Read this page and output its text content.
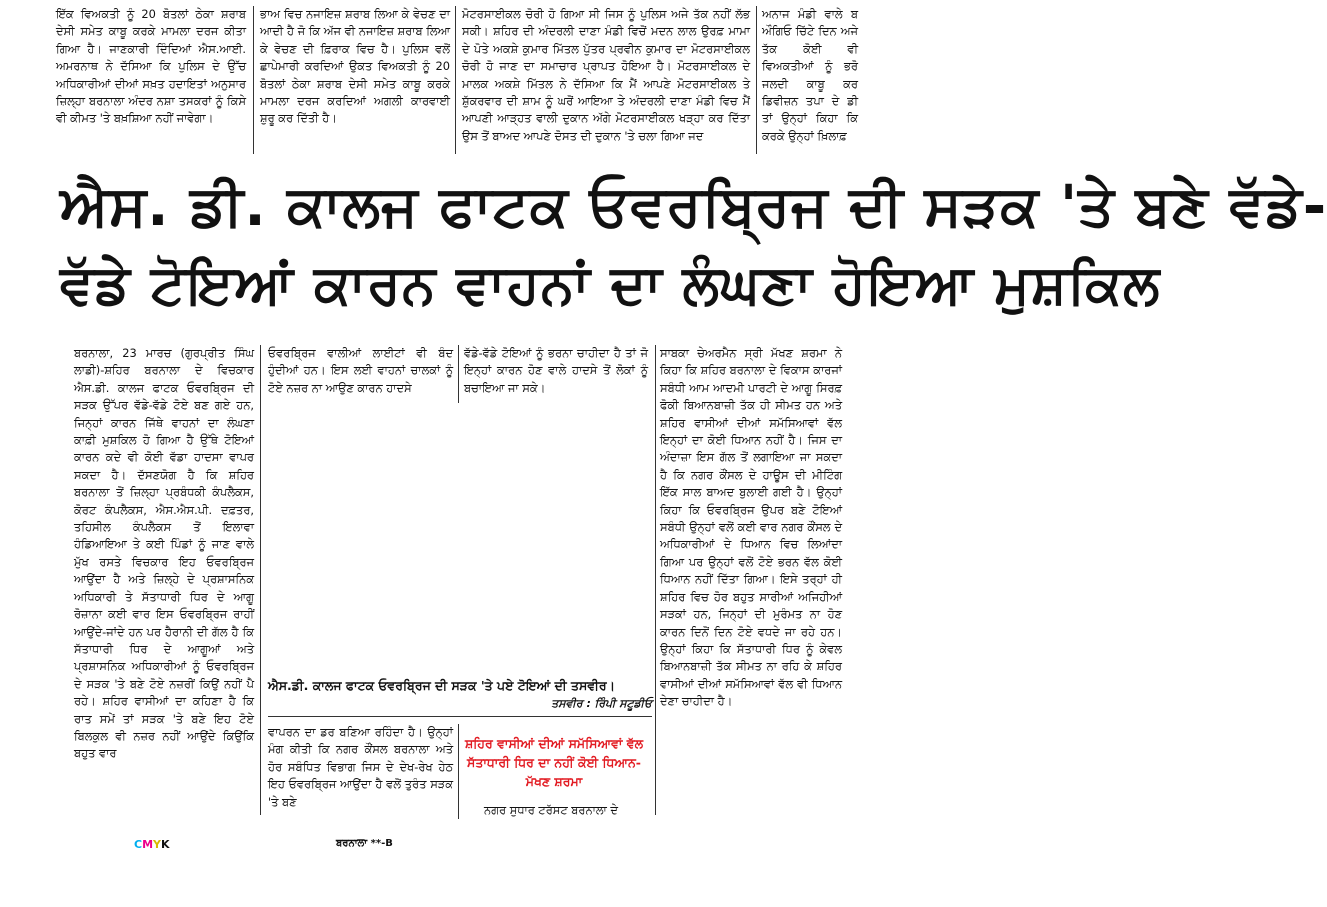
ਇੱਕ ਵਿਅਕਤੀ ਨੂੰ 20 ਬੋਤਲਾਂ ਠੇਕਾ ਸ਼ਰਾਬ ਦੇਸੀ ਸਮੇਤ ਕਾਬੂ ਕਰਕੇ ਮਾਮਲਾ ਦਰਜ ਕੀਤਾ ਗਿਆ ਹੈ। ਜਾਣਕਾਰੀ ਦਿੰਦਿਆਂ ਐਸ.ਆਈ. ਅਮਰਨਾਥ ਨੇ ਦੱਸਿਆ ਕਿ ਪੁਲਿਸ ਦੇ ਉੱਚ ਅਧਿਕਾਰੀਆਂ ਦੀਆਂ ਸਖ਼ਤ ਹਦਾਇਤਾਂ ਅਨੁਸਾਰ ਜ਼ਿਲ੍ਹਾ ਬਰਨਾਲਾ ਅੰਦਰ ਨਸ਼ਾ ਤਸਕਰਾਂ ਨੂੰ ਕਿਸੇ ਵੀ ਕੀਮਤ 'ਤੇ ਬਖ਼ਸ਼ਿਆ ਨਹੀਂ ਜਾਵੇਗਾ।

ਭਾਅ ਵਿਚ ਨਜਾਇਜ਼ ਸ਼ਰਾਬ ਲਿਆ ਕੇ ਵੇਚਣ ਦਾ ਆਦੀ ਹੈ ਜੋ ਕਿ ਅੱਜ ਵੀ ਨਜਾਇਜ਼ ਸ਼ਰਾਬ ਲਿਆ ਕੇ ਵੇਚਣ ਦੀ ਫ਼ਿਰਾਕ ਵਿਚ ਹੈ। ਪੁਲਿਸ ਵਲੋਂ ਛਾਪੇਮਾਰੀ ਕਰਦਿਆਂ ਉਕਤ ਵਿਅਕਤੀ ਨੂੰ 20 ਬੋਤਲਾਂ ਠੇਕਾ ਸ਼ਰਾਬ ਦੇਸੀ ਸਮੇਤ ਕਾਬੂ ਕਰਕੇ ਮਾਮਲਾ ਦਰਜ ਕਰਦਿਆਂ ਅਗਲੀ ਕਾਰਵਾਈ ਸ਼ੁਰੂ ਕਰ ਦਿੱਤੀ ਹੈ।

ਮੋਟਰਸਾਈਕਲ ਚੋਰੀ ਹੋ ਗਿਆ ਸੀ ਜਿਸ ਨੂੰ ਪੁਲਿਸ ਅਜੇ ਤੱਕ ਨਹੀਂ ਲੱਭ ਸਕੀ। ਸ਼ਹਿਰ ਦੀ ਅੰਦਰਲੀ ਦਾਣਾ ਮੰਡੀ ਵਿਚੋਂ ਮਦਨ ਲਾਲ ਉਰਫ਼ ਮਾਮਾ ਦੇ ਪੋਤੇ ਅਕਸ਼ੇ ਕੁਮਾਰ ਮਿੱਤਲ ਪੁੱਤਰ ਪ੍ਰਵੀਨ ਕੁਮਾਰ ਦਾ ਮੋਟਰਸਾਈਕਲ ਚੋਰੀ ਹੋ ਜਾਣ ਦਾ ਸਮਾਚਾਰ ਪ੍ਰਾਪਤ ਹੋਇਆ ਹੈ। ਮੋਟਰਸਾਈਕਲ ਦੇ ਮਾਲਕ ਅਕਸ਼ੇ ਮਿੱਤਲ ਨੇ ਦੱਸਿਆ ਕਿ ਮੈਂ ਆਪਣੇ ਮੋਟਰਸਾਈਕਲ ਤੇ ਸ਼ੁੱਕਰਵਾਰ ਦੀ ਸ਼ਾਮ ਨੂੰ ਘਰੋਂ ਆਇਆ ਤੇ ਅੰਦਰਲੀ ਦਾਣਾ ਮੰਡੀ ਵਿਚ ਮੈਂ ਆਪਣੀ ਆੜ੍ਹਤ ਵਾਲੀ ਦੁਕਾਨ ਅੱਗੇ ਮੋਟਰਸਾਈਕਲ ਖੜ੍ਹਾ ਕਰ ਦਿੱਤਾ ਉਸ ਤੋਂ ਬਾਅਦ ਆਪਣੇ ਦੋਸਤ ਦੀ ਦੁਕਾਨ 'ਤੇ ਚਲਾ ਗਿਆ ਜਦ

ਅਨਾਜ ਮੰਡੀ ਵਾਲੇ ਬ ਔਗਿਓ ਚਿੱਟੇ ਦਿਨ ਅਜੇ ਤੱਕ ਕੋਈ ਵੀ ਵਿਅਕਤੀਆਂ ਨੂੰ ਭਰੋ ਜਲਦੀ ਕਾਬੂ ਕਰ ਡਿਵੀਜ਼ਨ ਤਪਾ ਦੇ ਡੀ ਤਾਂ ਉਨ੍ਹਾਂ ਕਿਹਾ ਕਿ ਕਰਕੇ ਉਨ੍ਹਾਂ ਖ਼ਿਲਾਫ਼

ਐਸ. ਡੀ. ਕਾਲਜ ਫਾਟਕ ਓਵਰਬ੍ਰਿਜ ਦੀ ਸੜਕ 'ਤੇ ਬਣੇ ਵੱਡੇ-
ਵੱਡੇ ਟੋਇਆਂ ਕਾਰਨ ਵਾਹਨਾਂ ਦਾ ਲੰਘਣਾ ਹੋਇਆ ਮੁਸ਼ਕਿਲ

ਬਰਨਾਲਾ, 23 ਮਾਰਚ (ਗੁਰਪ੍ਰੀਤ ਸਿੰਘ ਲਾਡੀ)-ਸ਼ਹਿਰ ਬਰਨਾਲਾ ਦੇ ਵਿਚਕਾਰ ਐਸ.ਡੀ. ਕਾਲਜ ਫਾਟਕ ਓਵਰਬ੍ਰਿਜ ਦੀ ਸੜਕ ਉੱਪਰ ਵੱਡੇ-ਵੱਡੇ ਟੋਏ ਬਣ ਗਏ ਹਨ, ਜਿਨ੍ਹਾਂ ਕਾਰਨ ਜਿੱਥੇ ਵਾਹਨਾਂ ਦਾ ਲੰਘਣਾ ਕਾਫ਼ੀ ਮੁਸ਼ਕਿਲ ਹੋ ਗਿਆ ਹੈ ਉੱਥੇ ਟੋਇਆਂ ਕਾਰਨ ਕਦੇ ਵੀ ਕੋਈ ਵੱਡਾ ਹਾਦਸਾ ਵਾਪਰ ਸਕਦਾ ਹੈ। ਦੱਸਣਯੋਗ ਹੈ ਕਿ ਸ਼ਹਿਰ ਬਰਨਾਲਾ ਤੋਂ ਜ਼ਿਲ੍ਹਾ ਪ੍ਰਬੰਧਕੀ ਕੰਪਲੈਕਸ, ਕੋਰਟ ਕੰਪਲੈਕਸ, ਐਸ.ਐਸ.ਪੀ. ਦਫ਼ਤਰ, ਤਹਿਸੀਲ ਕੰਪਲੈਕਸ ਤੋਂ ਇਲਾਵਾ ਹੰਡਿਆਇਆ ਤੇ ਕਈ ਪਿੰਡਾਂ ਨੂੰ ਜਾਣ ਵਾਲੇ ਮੁੱਖ ਰਸਤੇ ਵਿਚਕਾਰ ਇਹ ਓਵਰਬ੍ਰਿਜ ਆਉਂਦਾ ਹੈ ਅਤੇ ਜ਼ਿਲ੍ਹੇ ਦੇ ਪ੍ਰਸ਼ਾਸਨਿਕ ਅਧਿਕਾਰੀ ਤੇ ਸੱਤਾਧਾਰੀ ਧਿਰ ਦੇ ਆਗੂ ਰੋਜ਼ਾਨਾ ਕਈ ਵਾਰ ਇਸ ਓਵਰਬ੍ਰਿਜ ਰਾਹੀਂ ਆਉਂਦੇ-ਜਾਂਦੇ ਹਨ ਪਰ ਹੈਰਾਨੀ ਦੀ ਗੱਲ ਹੈ ਕਿ ਸੱਤਾਧਾਰੀ ਧਿਰ ਦੇ ਆਗੂਆਂ ਅਤੇ ਪ੍ਰਸ਼ਾਸਨਿਕ ਅਧਿਕਾਰੀਆਂ ਨੂੰ ਓਵਰਬ੍ਰਿਜ ਦੇ ਸੜਕ 'ਤੇ ਬਣੇ ਟੋਏ ਨਜ਼ਰੀਂ ਕਿਉਂ ਨਹੀਂ ਪੈ ਰਹੇ। ਸ਼ਹਿਰ ਵਾਸੀਆਂ ਦਾ ਕਹਿਣਾ ਹੈ ਕਿ ਰਾਤ ਸਮੇਂ ਤਾਂ ਸੜਕ 'ਤੇ ਬਣੇ ਇਹ ਟੋਏ ਬਿਲਕੁਲ ਵੀ ਨਜ਼ਰ ਨਹੀਂ ਆਉਂਦੇ ਕਿਉਂਕਿ ਬਹੁਤ ਵਾਰ

ਓਵਰਬ੍ਰਿਜ ਵਾਲੀਆਂ ਲਾਈਟਾਂ ਵੀ ਬੰਦ ਹੁੰਦੀਆਂ ਹਨ। ਇਸ ਲਈ ਵਾਹਨਾਂ ਚਾਲਕਾਂ ਨੂੰ ਟੋਏ ਨਜ਼ਰ ਨਾ ਆਉਣ ਕਾਰਨ ਹਾਦਸੇ

ਵੱਡੇ-ਵੱਡੇ ਟੋਇਆਂ ਨੂੰ ਭਰਨਾ ਚਾਹੀਦਾ ਹੈ ਤਾਂ ਜੋ ਇਨ੍ਹਾਂ ਕਾਰਨ ਹੋਣ ਵਾਲੇ ਹਾਦਸੇ ਤੋਂ ਲੋਕਾਂ ਨੂੰ ਬਚਾਇਆ ਜਾ ਸਕੇ।

ਐਸ.ਡੀ. ਕਾਲਜ ਫਾਟਕ ਓਵਰਬ੍ਰਿਜ ਦੀ ਸੜਕ 'ਤੇ ਪਏ ਟੋਇਆਂ ਦੀ ਤਸਵੀਰ।
ਤਸਵੀਰ : ਰਿੰਪੀ ਸਟੂਡੀਓ

ਵਾਪਰਨ ਦਾ ਡਰ ਬਣਿਆ ਰਹਿੰਦਾ ਹੈ। ਉਨ੍ਹਾਂ ਮੰਗ ਕੀਤੀ ਕਿ ਨਗਰ ਕੌਂਸਲ ਬਰਨਾਲਾ ਅਤੇ ਹੋਰ ਸਬੰਧਿਤ ਵਿਭਾਗ ਜਿਸ ਦੇ ਦੇਖ-ਰੇਖ ਹੇਠ ਇਹ ਓਵਰਬ੍ਰਿਜ ਆਉਂਦਾ ਹੈ ਵਲੋਂ ਤੁਰੰਤ ਸੜਕ 'ਤੇ ਬਣੇ

ਸ਼ਹਿਰ ਵਾਸੀਆਂ ਦੀਆਂ ਸਮੱਸਿਆਵਾਂ ਵੱਲ ਸੱਤਾਧਾਰੀ ਧਿਰ ਦਾ ਨਹੀਂ ਕੋਈ ਧਿਆਨ-ਮੱਖਣ ਸ਼ਰਮਾ

ਨਗਰ ਸੁਧਾਰ ਟਰੱਸਟ ਬਰਨਾਲਾ ਦੇ

ਸਾਬਕਾ ਚੇਅਰਮੈਨ ਸ੍ਰੀ ਮੱਖਣ ਸ਼ਰਮਾ ਨੇ ਕਿਹਾ ਕਿ ਸ਼ਹਿਰ ਬਰਨਾਲਾ ਦੇ ਵਿਕਾਸ ਕਾਰਜਾਂ ਸਬੰਧੀ ਆਮ ਆਦਮੀ ਪਾਰਟੀ ਦੇ ਆਗੂ ਸਿਰਫ਼ ਫੋਕੀ ਬਿਆਨਬਾਜ਼ੀ ਤੱਕ ਹੀ ਸੀਮਤ ਹਨ ਅਤੇ ਸ਼ਹਿਰ ਵਾਸੀਆਂ ਦੀਆਂ ਸਮੱਸਿਆਵਾਂ ਵੱਲ ਇਨ੍ਹਾਂ ਦਾ ਕੋਈ ਧਿਆਨ ਨਹੀਂ ਹੈ। ਜਿਸ ਦਾ ਅੰਦਾਜ਼ਾ ਇਸ ਗੱਲ ਤੋਂ ਲਗਾਇਆ ਜਾ ਸਕਦਾ ਹੈ ਕਿ ਨਗਰ ਕੌਂਸਲ ਦੇ ਹਾਊਸ ਦੀ ਮੀਟਿੰਗ ਇੱਕ ਸਾਲ ਬਾਅਦ ਬੁਲਾਈ ਗਈ ਹੈ। ਉਨ੍ਹਾਂ ਕਿਹਾ ਕਿ ਓਵਰਬ੍ਰਿਜ ਉਪਰ ਬਣੇ ਟੋਇਆਂ ਸਬੰਧੀ ਉਨ੍ਹਾਂ ਵਲੋਂ ਕਈ ਵਾਰ ਨਗਰ ਕੌਂਸਲ ਦੇ ਅਧਿਕਾਰੀਆਂ ਦੇ ਧਿਆਨ ਵਿਚ ਲਿਆਂਦਾ ਗਿਆ ਪਰ ਉਨ੍ਹਾਂ ਵਲੋਂ ਟੋਏ ਭਰਨ ਵੱਲ ਕੋਈ ਧਿਆਨ ਨਹੀਂ ਦਿੱਤਾ ਗਿਆ। ਇਸੇ ਤਰ੍ਹਾਂ ਹੀ ਸ਼ਹਿਰ ਵਿਚ ਹੋਰ ਬਹੁਤ ਸਾਰੀਆਂ ਅਜਿਹੀਆਂ ਸੜਕਾਂ ਹਨ, ਜਿਨ੍ਹਾਂ ਦੀ ਮੁਰੰਮਤ ਨਾ ਹੋਣ ਕਾਰਨ ਦਿਨੋਂ ਦਿਨ ਟੋਏ ਵਧਦੇ ਜਾ ਰਹੇ ਹਨ। ਉਨ੍ਹਾਂ ਕਿਹਾ ਕਿ ਸੱਤਾਧਾਰੀ ਧਿਰ ਨੂੰ ਕੇਵਲ ਬਿਆਨਬਾਜ਼ੀ ਤੱਕ ਸੀਮਤ ਨਾ ਰਹਿ ਕੇ ਸ਼ਹਿਰ ਵਾਸੀਆਂ ਦੀਆਂ ਸਮੱਸਿਆਵਾਂ ਵੱਲ ਵੀ ਧਿਆਨ ਦੇਣਾ ਚਾਹੀਦਾ ਹੈ।

CMYK	ਬਰਨਾਲਾ **-B
